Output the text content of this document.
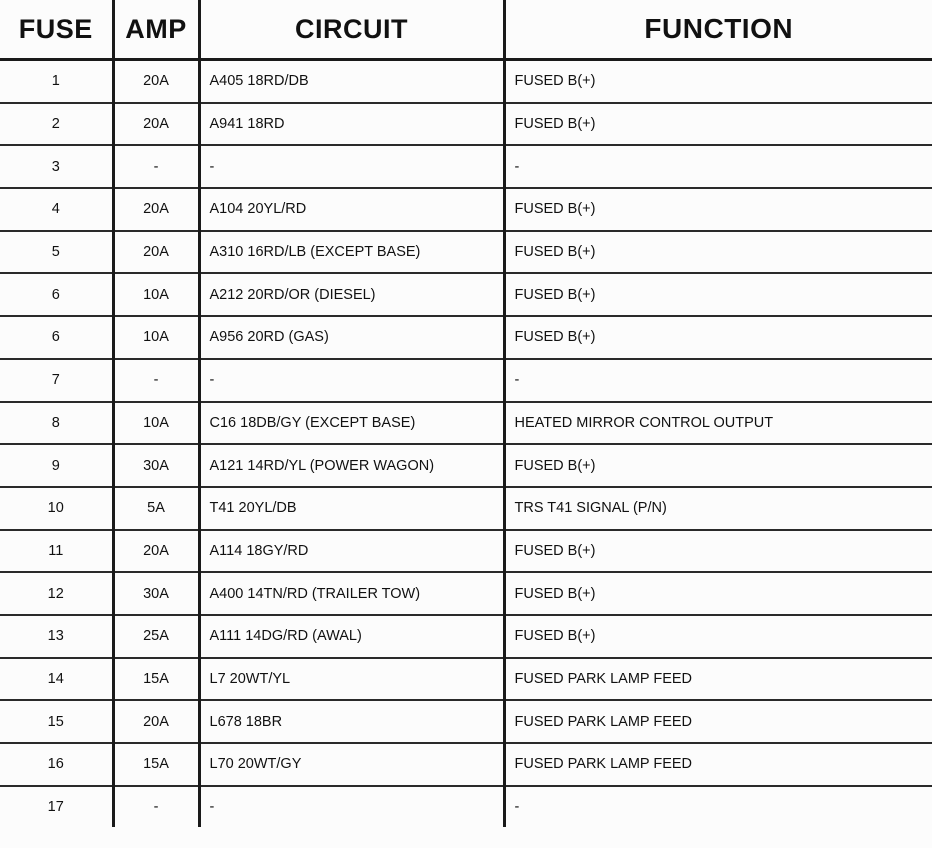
FUSE	AMP	CIRCUIT	FUNCTION
1	20A	A405 18RD/DB	FUSED B(+)
2	20A	A941 18RD	FUSED B(+)
3	-	-	-
4	20A	A104 20YL/RD	FUSED B(+)
5	20A	A310 16RD/LB (EXCEPT BASE)	FUSED B(+)
6	10A	A212 20RD/OR (DIESEL)	FUSED B(+)
6	10A	A956 20RD (GAS)	FUSED B(+)
7	-	-	-
8	10A	C16 18DB/GY (EXCEPT BASE)	HEATED MIRROR CONTROL OUTPUT
9	30A	A121 14RD/YL (POWER WAGON)	FUSED B(+)
10	5A	T41 20YL/DB	TRS T41 SIGNAL (P/N)
11	20A	A114 18GY/RD	FUSED B(+)
12	30A	A400 14TN/RD (TRAILER TOW)	FUSED B(+)
13	25A	A111 14DG/RD (AWAL)	FUSED B(+)
14	15A	L7 20WT/YL	FUSED PARK LAMP FEED
15	20A	L678 18BR	FUSED PARK LAMP FEED
16	15A	L70 20WT/GY	FUSED PARK LAMP FEED
17	-	-	-
